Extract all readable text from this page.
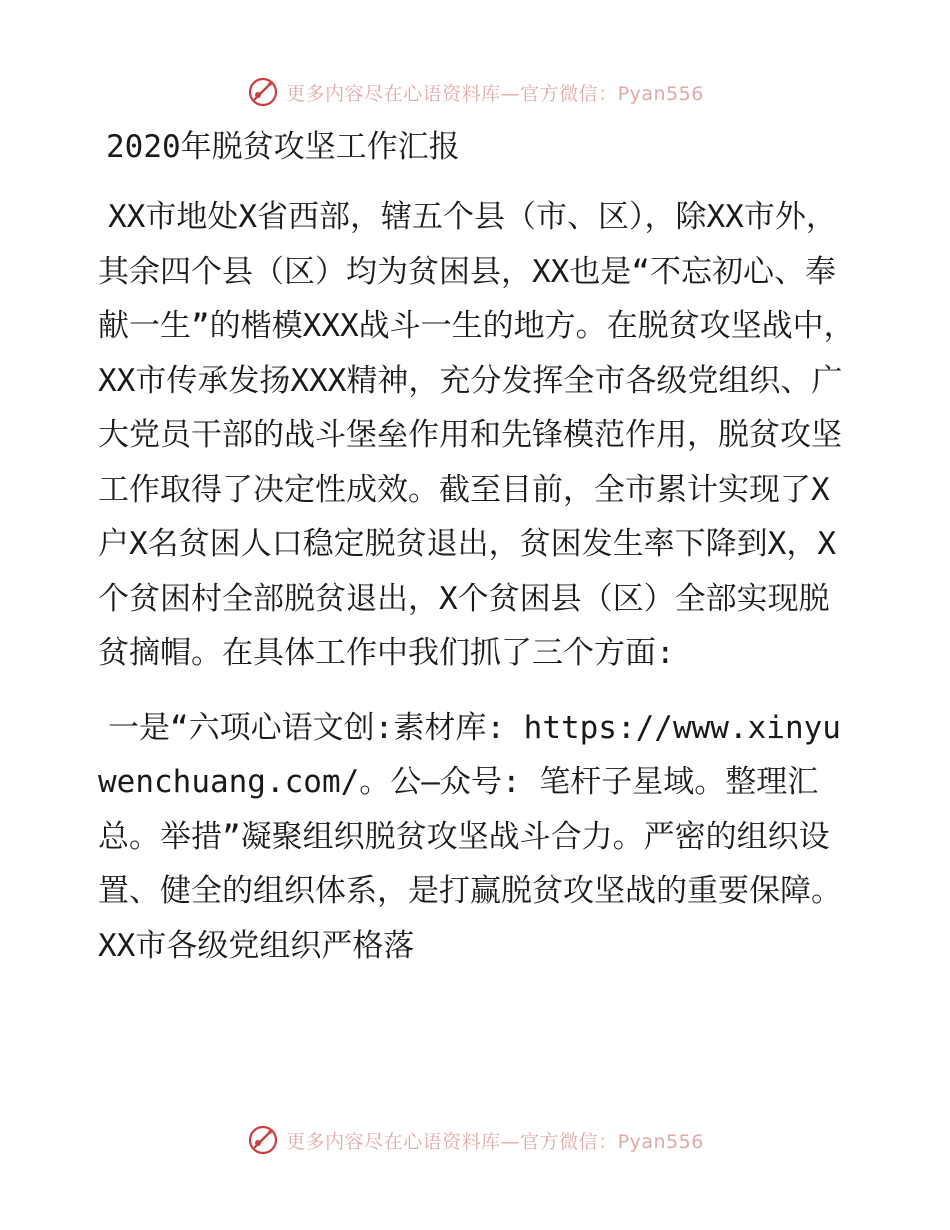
更多内容尽在心语资料库—官方微信：Pyan556
2020年脱贫攻坚工作汇报

XX市地处X省西部，辖五个县（市、区），除XX市外，其余四个县（区）均为贫困县，XX也是“不忘初心、奉献一生”的楷模XXX战斗一生的地方。在脱贫攻坚战中，XX市传承发扬XXX精神，充分发挥全市各级党组织、广大党员干部的战斗堡垒作用和先锋模范作用，脱贫攻坚工作取得了决定性成效。截至目前，全市累计实现了X户X名贫困人口稳定脱贫退出，贫困发生率下降到X，X个贫困村全部脱贫退出，X个贫困县（区）全部实现脱贫摘帽。在具体工作中我们抓了三个方面:

一是“六项心语文创:素材库: https://www.xinyuwenchuang.com/。公—众号: 笔杆子星域。整理汇总。举措”凝聚组织脱贫攻坚战斗合力。严密的组织设置、健全的组织体系，是打赢脱贫攻坚战的重要保障。XX市各级党组织严格落

更多内容尽在心语资料库—官方微信：Pyan556
